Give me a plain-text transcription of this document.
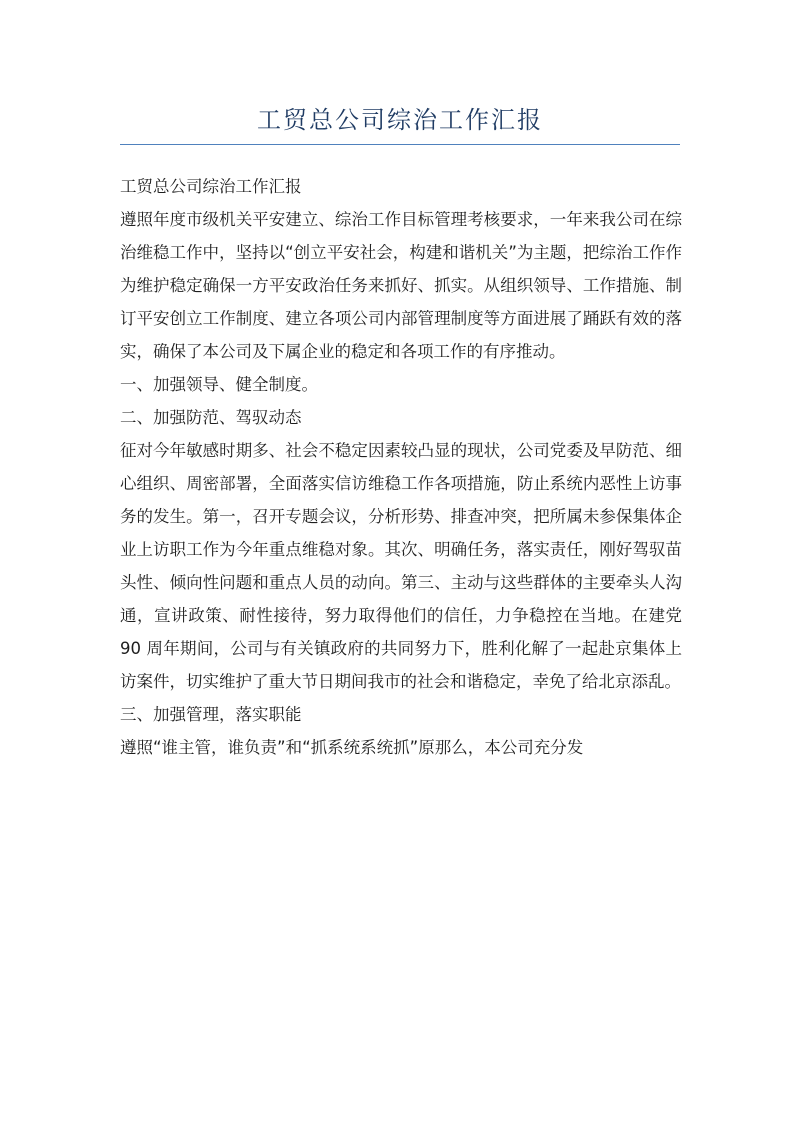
工贸总公司综治工作汇报

工贸总公司综治工作汇报

遵照年度市级机关平安建立、综治工作目标管理考核要求，一年来我公司在综治维稳工作中，坚持以“创立平安社会，构建和谐机关”为主题，把综治工作作为维护稳定确保一方平安政治任务来抓好、抓实。从组织领导、工作措施、制订平安创立工作制度、建立各项公司内部管理制度等方面进展了踊跃有效的落实，确保了本公司及下属企业的稳定和各项工作的有序推动。

一、加强领导、健全制度。

二、加强防范、驾驭动态

征对今年敏感时期多、社会不稳定因素较凸显的现状，公司党委及早防范、细心组织、周密部署，全面落实信访维稳工作各项措施，防止系统内恶性上访事务的发生。第一，召开专题会议，分析形势、排查冲突，把所属未参保集体企业上访职工作为今年重点维稳对象。其次、明确任务，落实责任，刚好驾驭苗头性、倾向性问题和重点人员的动向。第三、主动与这些群体的主要牵头人沟通，宣讲政策、耐性接待，努力取得他们的信任，力争稳控在当地。在建党 90 周年期间，公司与有关镇政府的共同努力下，胜利化解了一起赴京集体上访案件，切实维护了重大节日期间我市的社会和谐稳定，幸免了给北京添乱。

三、加强管理，落实职能

遵照“谁主管，谁负责”和“抓系统系统抓”原那么，本公司充分发
